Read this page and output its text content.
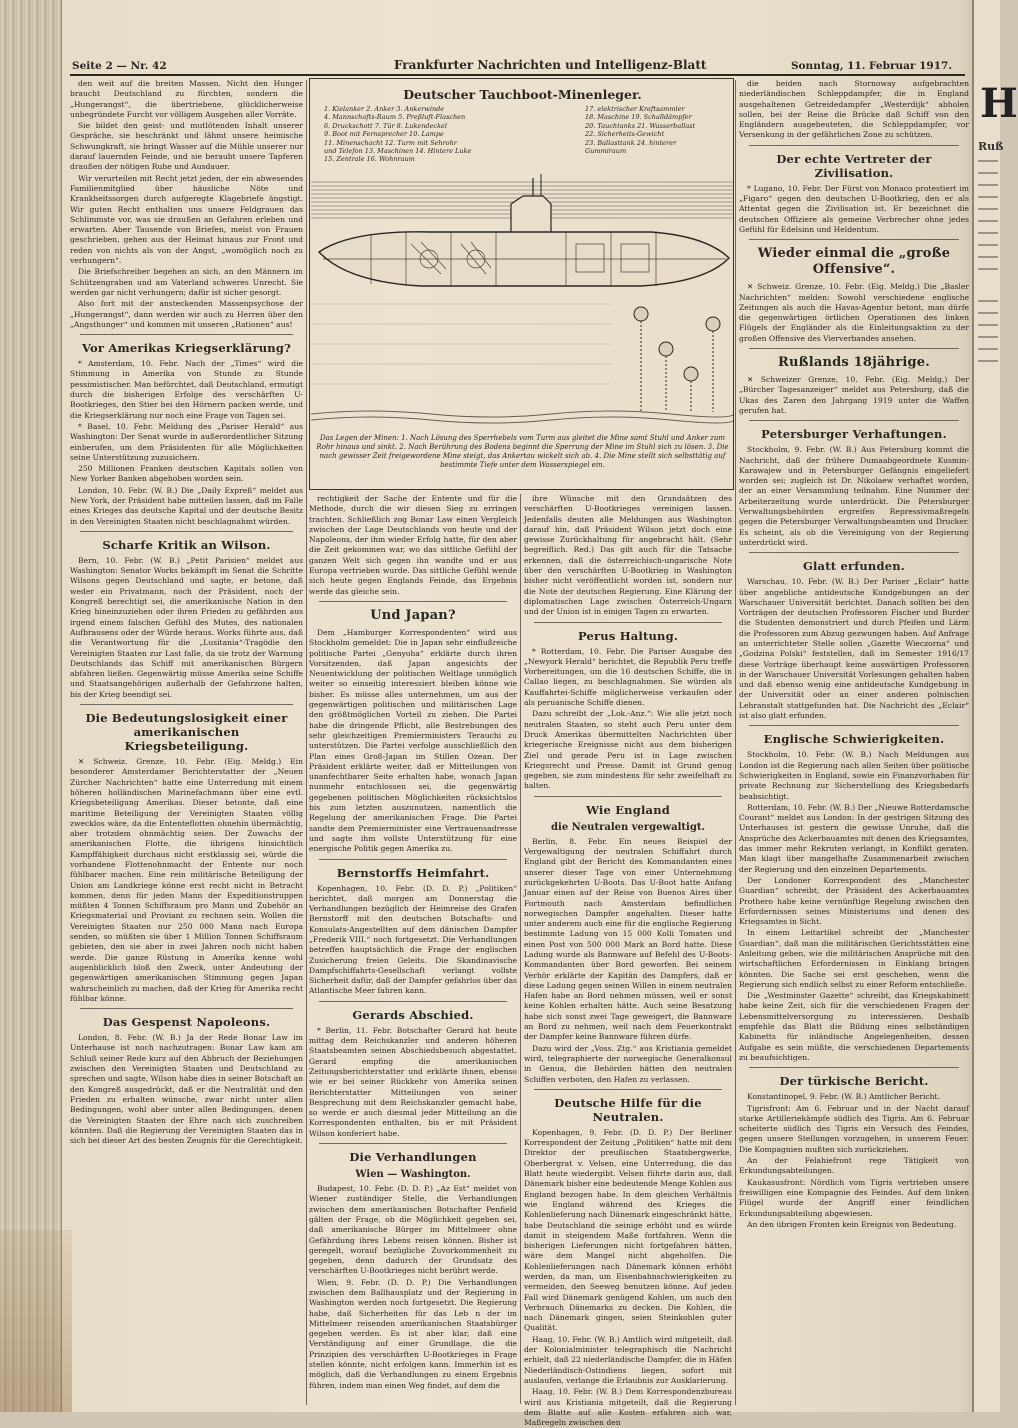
H
Ruß
Seite 2 — Nr. 42	Frankfurter Nachrichten und Intelligenz-Blatt	Sonntag, 11. Februar 1917.

den weit auf die breiten Massen. Nicht den Hunger braucht Deutschland zu fürchten, sondern die „Hungerangst“, die übertriebene, glücklicherweise unbegründete Furcht vor völligem Ausgehen aller Vorräte.

Sie bildet den geist- und mutlötenden Inhalt unserer Gespräche, sie beschränkt und lähmt unsere heimische Schwungkraft, sie bringt Wasser auf die Mühle unserer nur darauf lauernden Feinde, und sie beraubt unsere Tapferen draußen der nötigen Ruhe und Ausdauer.

Wir verurteilen mit Recht jetzt jeden, der ein abwesendes Familienmitglied über häusliche Nöte und Krankheitssorgen durch aufgeregte Klagebriefe ängstigt. Wir guten Recht enthalten uns unsere Feldgrauen das Schlimmste vor, was sie draußen an Gefahren erleben und erwarten. Aber Tausende von Briefen, meist von Frauen geschrieben, gehen aus der Heimat hinaus zur Front und reden von nichts als von der Angst, „womöglich noch zu verhungern“.

Die Briefschreiber begehen an sich, an den Männern im Schützengraben und am Vaterland schweres Unrecht. Sie werden gar nicht verhungern; dafür ist sicher gesorgt.

Also fort mit der ansteckenden Massenpsychose der „Hungerangst“, dann werden wir auch zu Herren über den „Angsthunger“ und kommen mit unseren „Rationen“ aus!

Vor Amerikas Kriegserklärung?

* Amsterdam, 10. Febr. Nach der „Times“ wird die Stimmung in Amerika von Stunde zu Stunde pessimistischer. Man befürchtet, daß Deutschland, ermutigt durch die bisherigen Erfolge des verschärften U-Bootkrieges, den Stier bei den Hörnern packen werde, und die Kriegserklärung nur noch eine Frage von Tagen sei.

* Basel, 10. Febr. Meldung des „Pariser Herald“ aus Washington: Der Senat wurde in außerordentlicher Sitzung einberufen, um dem Präsidenten für alle Möglichkeiten seine Unterstützung zuzusichern.

250 Millionen Franken deutschen Kapitals sollen von New Yorker Banken abgehoben worden sein.

London, 10. Febr. (W. B.) Die „Daily Expreß“ meldet aus New York, der Präsident habe mitteilen lassen, daß im Falle eines Krieges das deutsche Kapital und der deutsche Besitz in den Vereinigten Staaten nicht beschlagnahmt würden.

Scharfe Kritik an Wilson.

Bern, 10. Febr. (W. B.) „Petit Parisien“ meldet aus Washington: Senator Works bekämpft im Senat die Schritte Wilsons gegen Deutschland und sagte, er betone, daß weder ein Privatmann, noch der Präsident, noch der Kongreß berechtigt sei, die amerikanische Nation in den Krieg hineinzuziehen oder ihren Frieden zu gefährden aus irgend einem falschen Gefühl des Mutes, des nationalen Aufbrausens oder der Würde heraus. Works führte aus, daß die Verantwortung für die „Lusitania“-Tragödie den Vereinigten Staaten zur Last falle, da sie trotz der Warnung Deutschlands das Schiff mit amerikanischen Bürgern abfahren ließen. Gegenwärtig müsse Amerika seine Schiffe und Staatsangehörigen außerhalb der Gefahrzone halten, bis der Krieg beendigt sei.

Die Bedeutungslosigkeit einer amerikanischen Kriegsbeteiligung.

✕ Schweiz. Grenze, 10. Febr. (Eig. Meldg.) Ein besonderer Amsterdamer Berichterstatter der „Neuen Zürcher Nachrichten“ hatte eine Unterredung mit einem höheren holländischen Marinefachmann über eine evtl. Kriegsbeteiligung Amerikas. Dieser betonte, daß eine maritime Beteiligung der Vereinigten Staaten völlig zwecklos wäre, da die Ententeflotten ohnehin übermächtig, aber trotzdem ohnmächtig seien. Der Zuwachs der amerikanischen Flotte, die übrigens hinsichtlich Kampffähigkeit durchaus nicht erstklassig sei, würde die vorhandene Flottenohnmacht der Entente nur noch fühlbarer machen. Eine rein militärische Beteiligung der Union am Landkriege könne erst recht nicht in Betracht kommen, denn für jeden Mann der Expeditionstruppen müßten 4 Tonnen Schiffsraum pro Mann und Zubehör an Kriegsmaterial und Proviant zu rechnen sein. Wollen die Vereinigten Staaten nur 250 000 Mann nach Europa senden, so müßten sie über 1 Million Tonnen Schiffsraum gebieten, den sie aber in zwei Jahren noch nicht haben werde. Die ganze Rüstung in Amerika kenne wohl augenblicklich bloß den Zweck, unter Andeutung der gegenwärtigen amerikanischen Stimmung gegen Japan wahrscheinlich zu machen, daß der Krieg für Amerika recht fühlbar könne.

Das Gespenst Napoleons.

London, 8. Febr. (W. B.) Ja der Rede Bonar Law im Unterhause ist noch nachzutragen: Bonar Law kam am Schluß seiner Rede kurz auf den Abbruch der Beziehungen zwischen den Vereinigten Staaten und Deutschland zu sprechen und sagte, Wilson habe dies in seiner Botschaft an den Kongreß ausgedrückt, daß er die Neutralität und den Frieden zu erhalten wünsche, zwar nicht unter allen Bedingungen, wohl aber unter allen Bedingungen, denen die Vereinigten Staaten der Ehre nach sich zuschreiben könnten. Daß die Regierung der Vereinigten Staaten das in sich bei dieser Art des besten Zeugnis für die Gerechtigkeit.

Deutscher Tauchboot-Minenleger.
1. Kielanker 2. Anker 3. Ankerwinde
4. Mannschafts-Raum 5. Preßluft-Flaschen
6. Druckschott 7. Tür 8. Lukendeckel
9. Boot mit Fernsprecher 10. Lampe
11. Minenschacht 12. Turm mit Sehrohr
und Telefon 13. Maschinen 14. Hintere Luke
15. Zentrale 16. Wohnraum
17. elektrischer Kraftsammler
18. Maschine 19. Schalldämpfer
20. Tauchtanks 21. Wasserballast
22. Sicherheits-Gewicht
23. Ballasttank 24. hinterer
Gummiraum
Das Legen der Minen: 1. Nach Lösung des Sperrhebels vom Turm aus gleitet die Mine samt Stuhl und Anker zum Rohr hinaus und sinkt. 2. Nach Berührung des Bodens beginnt die Sperrung der Mine im Stuhl sich zu lösen. 3. Die nach gewisser Zeit freigewordene Mine steigt, das Ankertau wickelt sich ab. 4. Die Mine stellt sich selbsttätig auf bestimmte Tiefe unter dem Wasserspiegel ein.

rechtigkeit der Sache der Entente und für die Methode, durch die wir diesen Sieg zu erringen trachten. Schließlich zog Bonar Law einen Vergleich zwischen der Lage Deutschlands von heute und der Napoleons, der ihm wieder Erfolg hatte, für den aber die Zeit gekommen war, wo das sittliche Gefühl der ganzen Welt sich gegen ihn wandte und er aus Europa vertrieben wurde. Das sittliche Gefühl wende sich heute gegen Englands Feinde, das Ergebnis werde das gleiche sein.

Und Japan?

Dem „Hamburger Korrespondenten“ wird aus Stockholm gemeldet: Die in Japan sehr einflußreiche politische Partei „Genyoha“ erklärte durch ihren Vorsitzenden, daß Japan angesichts der Neuentwicklung der politischen Weltlage unmöglich weiter so einseitig interessiert bleiben könne wie bisher. Es müsse alles unternehmen, um aus der gegenwärtigen politischen und militärischen Lage den größtmöglichen Vorteil zu ziehen. Die Partei habe die dringende Pflicht, alle Bestrebungen des sehr gleichzeitigen Premierministers Terauchi zu unterstützen. Die Partei verfolge ausschließlich den Plan eines Groß-Japan im Stillen Ozean. Der Präsident erklärte weiter, daß er Mitteilungen von unanfechtbarer Seite erhalten habe, wonach Japan nunmehr entschlossen sei, die gegenwärtig gegebenen politischen Möglichkeiten rücksichtslos bis zum letzten auszunutzen, namentlich die Regelung der amerikanischen Frage. Die Partei sandte dem Premierminister eine Vertrauensadresse und sagte ihm vollste Unterstützung für eine energische Politik gegen Amerika zu.

Bernstorffs Heimfahrt.

Kopenhagen, 10. Febr. (D. D. P.) „Politiken“ berichtet, daß morgen am Donnerstag die Verhandlungen bezüglich der Heimreise des Grafen Bernstorff mit den deutschen Botschafts- und Konsulats-Angestellten auf dem dänischen Dampfer „Frederik VIII.“ noch fortgesetzt. Die Verhandlungen betreffen hauptsächlich die Frage der englischen Zusicherung freien Geleits. Die Skandinavische Dampfschiffahrts-Gesellschaft verlangt vollste Sicherheit dafür, daß der Dampfer gefahrlos über das Atlantische Meer fahren kann.

Gerards Abschied.

* Berlin, 11. Febr. Botschafter Gerard hat heute mittag dem Reichskanzler und anderen höheren Staatsbeamten seinen Abschiedsbesuch abgestattet. Gerard empfing die amerikanischen Zeitungsberichterstatter und erklärte ihnen, ebenso wie er bei seiner Rückkehr von Amerika seinen Berichterstatter Mitteilungen von seiner Besprechung mit dem Reichskanzler gemacht habe, so werde er auch diesmal jeder Mitteilung an die Korrespondenten enthalten, bis er mit Präsident Wilson konferiert habe.

Die Verhandlungen
Wien — Washington.

Budapest, 10. Febr. (D. D. P.) „Az Est“ meldet von Wiener zuständiger Stelle, die Verhandlungen zwischen dem amerikanischen Botschafter Penfield gälten der Frage, ob die Möglichkeit gegeben sei, daß amerikanische Bürger im Mittelmeer ohne Gefährdung ihres Lebens reisen können. Bisher ist geregelt, worauf bezügliche Zuvorkommenheit zu gegeben, denn dadurch der Grundsatz des verschärften U-Bootkrieges nicht berührt werde.

Wien, 9. Febr. (D. D. P.) Die Verhandlungen zwischen dem Ballhausplatz und der Regierung in Washington werden noch fortgesetzt. Die Regierung habe, daß Sicherheiten für das Leb n der im Mittelmeer reisenden amerikanischen Staatsbürger gegeben werden. Es ist aber klar, daß eine Verständigung auf einer Grundlage, die die Prinzipien des verschärften U-Bootkrieges in Frage stellen könnte, nicht erfolgen kann. Immerhin ist es möglich, daß die Verhandlungen zu einem Ergebnis führen, indem man einen Weg findet, auf dem die

ihre Wünsche mit den Grundsätzen des verschärften U-Bootkrieges vereinigen lassen. Jedenfalls deuten alle Meldungen aus Washington darauf hin, daß Präsident Wilson jetzt doch eine gewisse Zurückhaltung für angebracht hält. (Sehr begreiflich. Red.) Das gilt auch für die Tatsache erkennen, daß die österreichisch-ungarische Note über den verschärften U-Bootkrieg in Washington bisher nicht veröffentlicht worden ist, sondern nur die Note der deutschen Regierung. Eine Klärung der diplomatischen Lage zwischen Österreich-Ungarn und der Union ist in einigen Tagen zu erwarten.

Perus Haltung.

* Rotterdam, 10. Febr. Die Pariser Ausgabe des „Newyork Herald“ berichtet, die Republik Peru treffe Vorbereitungen, um die 16 deutschen Schiffe, die in Callao liegen, zu beschlagnahmen. Sie würden als Kauffahrtei-Schiffe möglicherweise verkaufen oder als peruanische Schiffe dienen.

Dazu schreibt der „Lok.-Anz.“: Wie alle jetzt noch neutralen Staaten, so steht auch Peru unter dem Druck Amerikas übermittelten Nachrichten über kriegerische Ereignisse nicht aus dem bisherigen Ziel und gerade Peru ist in Lage zwischen Kriegsrecht und Presse. Damit ist Grund genug gegeben, sie zum mindestens für sehr zweifelhaft zu halten.

Wie England
die Neutralen vergewaltigt.

Berlin, 8. Febr. Ein neues Beispiel der Vergewaltigung der neutralen Schiffahrt durch England gibt der Bericht des Kommandanten eines unserer dieser Tage von einer Unternehmung zurückgekehrten U-Boots. Das U-Boot hatte Anfang Januar einen auf der Reise von Buenos Aires über Fortmouth nach Amsterdam befindlichen norwegischen Dampfer angehalten. Dieser hatte unter anderem auch eine für die englische Regierung bestimmte Ladung von 15 000 Kolli Tomaten und einen Post von 500 000 Mark an Bord hatte. Diese Ladung wurde als Bannware auf Befehl des U-Boots-Kommandanten über Bord geworfen. Bei seinem Verhör erklärte der Kapitän des Dampfers, daß er diese Ladung gegen seinen Willen in einem neutralen Hafen habe an Bord nehmen müssen, weil er sonst keine Kohlen erhalten hätte. Auch seine Besatzung habe sich sonst zwei Tage geweigert, die Bannware an Bord zu nehmen, weil nach dem Feuerkontrakt der Dampfer keine Bannware führen dürfe.

Dazu wird der „Voss. Ztg.“ aus Kristiania gemeldet wird, telegraphierte der norwegische Generalkonsul in Genua, die Behörden hätten den neutralen Schiffen verboten, den Hafen zu verlassen.

Deutsche Hilfe für die Neutralen.

Kopenhagen, 9. Febr. (D. D. P.) Der Berliner Korrespondent der Zeitung „Politiken“ hatte mit dem Direktor der preußischen Staatsbergwerke, Oberbergrat v. Velsen, eine Unterredung, die das Blatt heute wiedergibt. Velsen führte darin aus, daß Dänemark bisher eine bedeutende Menge Kohlen aus England bezogen habe. In dem gleichen Verhältnis wie England während des Krieges die Kohlenlieferung nach Dänemark eingeschränkt hätte, habe Deutschland die seinige erhöht und es würde damit in steigendem Maße fortfahren. Wenn die bisherigen Lieferungen nicht fortgefahren hätten, wäre dem Mangel nicht abgeholfen. Die Kohlenlieferungen nach Dänemark können erhöht werden, da man, um Eisenbahnschwierigkeiten zu vermeiden, den Seeweg benutzen könne. Auf jeden Fall wird Dänemark genügend Kohlen, um auch den Verbrauch Dänemarks zu decken. Die Kohlen, die nach Dänemark gingen, seien Steinkohlen guter Qualität.

Haag, 10. Febr. (W. B.) Amtlich wird mitgeteilt, daß der Kolonialminister telegraphisch die Nachricht erhielt, daß 22 niederländische Dampfer, die in Häfen Niederländisch-Ostindiens liegen, sofort mit auslaufen, verlange die Erlaubnis zur Ausklarierung.

Haag, 10. Febr. (W. B.) Dem Korrespondenzbureau wird aus Kristiania mitgeteilt, daß die Regierung dem Blatte auf alle Kosten erfahren sich war, Maßregeln zwischen den

die beiden nach Stornoway aufgebrachten niederländischen Schleppdampfer, die in England ausgehaltenen Getreidedampfer „Westerdijk“ abholen sollen, bei der Reise die Brücke daß Schiff von den Engländern ausgebeuteten, die Schleppdampfer, vor Versenkung in der gefährlichen Zone zu schützen.

Der echte Vertreter der Zivilisation.

* Lugano, 10. Febr. Der Fürst von Monaco protestiert im „Figaro“ gegen den deutschen U-Bootkrieg, den er als Attentat gegen die Zivilisation ist. Er bezeichnet die deutschen Offiziere als gemeine Verbrecher ohne jedes Gefühl für Edelsinn und Heldentum.

Wieder einmal die „große Offensive“.

✕ Schweiz. Grenze, 10. Febr. (Eig. Meldg.) Die „Basler Nachrichten“ melden: Sowohl verschiedene englische Zeitungen als auch die Havas-Agentur betont, man dürfe die gegenwärtigen örtlichen Operationen des linken Flügels der Engländer als die Einleitungsaktion zu der großen Offensive des Vierverbandes ansehen.

Rußlands 18jährige.

✕ Schweizer Grenze, 10. Febr. (Eig. Meldg.) Der „Bürcher Tagesanzeiger“ meldet aus Petersburg, daß die Ukas des Zaren den Jahrgang 1919 unter die Waffen gerufen hat.

Petersburger Verhaftungen.

Stockholm, 9. Febr. (W. B.) Aus Petersburg kommt die Nachricht, daß der frühere Dumaabgeordnete Kusmin-Karawajew und in Petersburger Gefängnis eingeliefert worden sei; zugleich ist Dr. Nikolaew verhaftet worden, der an einer Versammlung teilnahm. Eine Nummer der Arbeiterzeitung wurde unterdrückt. Die Petersburger Verwaltungsbehörden ergreifen Repressivmaßregeln gegen die Petersburger Verwaltungsbeamten und Drucker. Es scheint, als ob die Vereinigung von der Regierung unterdrückt wird.

Glatt erfunden.

Warschau, 10. Febr. (W. B.) Der Pariser „Eclair“ hatte über angebliche antideutsche Kundgebungen an der Warschauer Universität berichtet. Danach sollten bei den Vorträgen der deutschen Professoren Fischer und Burder die Studenten demonstriert und durch Pfeifen und Lärm die Professoren zum Abzug gezwungen haben. Auf Anfrage an unterrichteter Stelle sollen „Gazette Wieczorna“ und „Godzina Polski“ feststellen, daß im Semester 1916/17 diese Vorträge überhaupt keine auswärtigen Professoren in der Warschauer Universität Vorlesungen gehalten haben und daß ebenso wenig eine antideutsche Kundgebung in der Universität oder an einer anderen polnischen Lehranstalt stattgefunden hat. Die Nachricht des „Eclair“ ist also glatt erfunden.

Englische Schwierigkeiten.

Stockholm, 10. Febr. (W. B.) Nach Meldungen aus London ist die Regierung nach allen Seiten über politische Schwierigkeiten in England, sowie ein Finanzvorhaben für private Rechnung zur Sicherstellung des Kriegsbedarfs beabsichtigt.

Rotterdam, 10. Febr. (W. B.) Der „Nieuwe Rotterdamsche Courant“ meldet aus London: In der gestrigen Sitzung des Unterhauses ist gestern die gewisse Unruhe, daß die Ansprüche des Ackerbauamtes mit denen des Kriegsamtes, das immer mehr Rekruten verlangt, in Konflikt geraten. Man klagt über mangelhafte Zusammenarbeit zwischen der Regierung und den einzelnen Departements.

Der Londoner Korrespondent des „Manchester Guardian“ schreibt, der Präsident des Ackerbauamtes Prothero habe keine vernünftige Regelung zwischen den Erfordernissen seines Ministeriums und denen des Kriegsamtes in Sicht.

In einem Leitartikel schreibt der „Manchester Guardian“, daß man die militärischen Gerichtsstätten eine Anleitung geben, wie die militärischen Ansprüche mit den wirtschaftlichen Erfordernissen in Einklang bringen könnten. Die Sache sei erst geschehen, wenn die Regierung sich endlich selbst zu einer Reform entschließe.

Die „Westminster Gazette“ schreibt, das Kriegskabinett habe keine Zeit, sich für die verschiedenen Fragen der Lebensmittelversorgung zu interessieren. Deshalb empfehle das Blatt die Bildung eines selbständigen Kabinetts für inländische Angelegenheiten, dessen Aufgabe es sein müßte, die verschiedenen Departements zu beaufsichtigen.

Der türkische Bericht.

Konstantinopel, 9. Febr. (W. B.) Amtlicher Bericht.

Tigrisfront: Am 6. Februar und in der Nacht darauf starke Artilleriekämpfe südlich des Tigris. Am 6. Februar scheiterte südlich des Tigris ein Versuch des Feindes, gegen unsere Stellungen vorzugehen, in unserem Feuer. Die Kompagnien mußten sich zurückziehen.

An der Felahiefront rege Tätigkeit von Erkundungsabteilungen.

Kaukasusfront: Nördlich vom Tigris vertrieben unsere freiwilligen eine Kompagnie des Feindes. Auf dem linken Flügel wurde der Angriff einer feindlichen Erkundungsabteilung abgewiesen.

An den übrigen Fronten kein Ereignis von Bedeutung.
